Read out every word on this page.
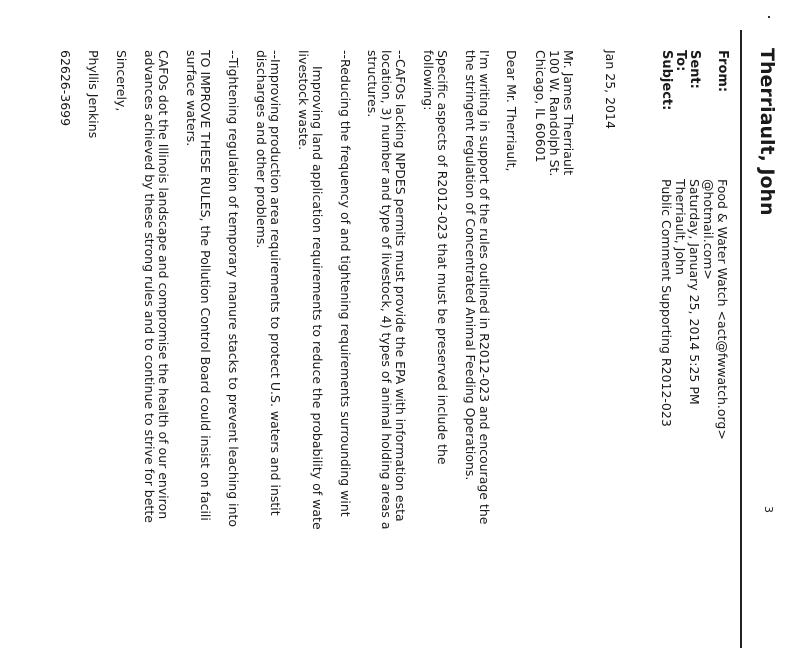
Therriault, John
From:
Food & Water Watch <act@fwwatch.org>
@hotmail.com>
Sent:
Saturday, January 25, 2014 5:25 PM
To:
Therriault, John
Subject:
Public Comment Supporting R2012-023
Jan 25, 2014
Mr. James Therriault
100 W. Randolph St.
Chicago, IL 60601
Dear Mr. Therriault,
I'm writing in support of the rules outlined in R2012-023 and encourage the
the stringent regulation of Concentrated Animal Feeding Operations.
Specific aspects of R2012-023 that must be preserved include the
following:
--CAFOs lacking NPDES permits must provide the EPA with information esta
location, 3) number and type of livestock, 4) types of animal holding areas a
structures.
--Reducing the frequency of and tightening requirements surrounding wint
Improving land application requirements to reduce the probability of wate
livestock waste.
--Improving production area requirements to protect U.S. waters and instit
discharges and other problems.
--Tightening regulation of temporary manure stacks to prevent leaching into
TO IMPROVE THESE RULES, the Pollution Control Board could insist on facili
surface waters.
CAFOs dot the Illinois landscape and compromise the health of our environ
advances achieved by these strong rules and to continue to strive for bette
Sincerely,
Phyllis Jenkins
62626-3699
3
